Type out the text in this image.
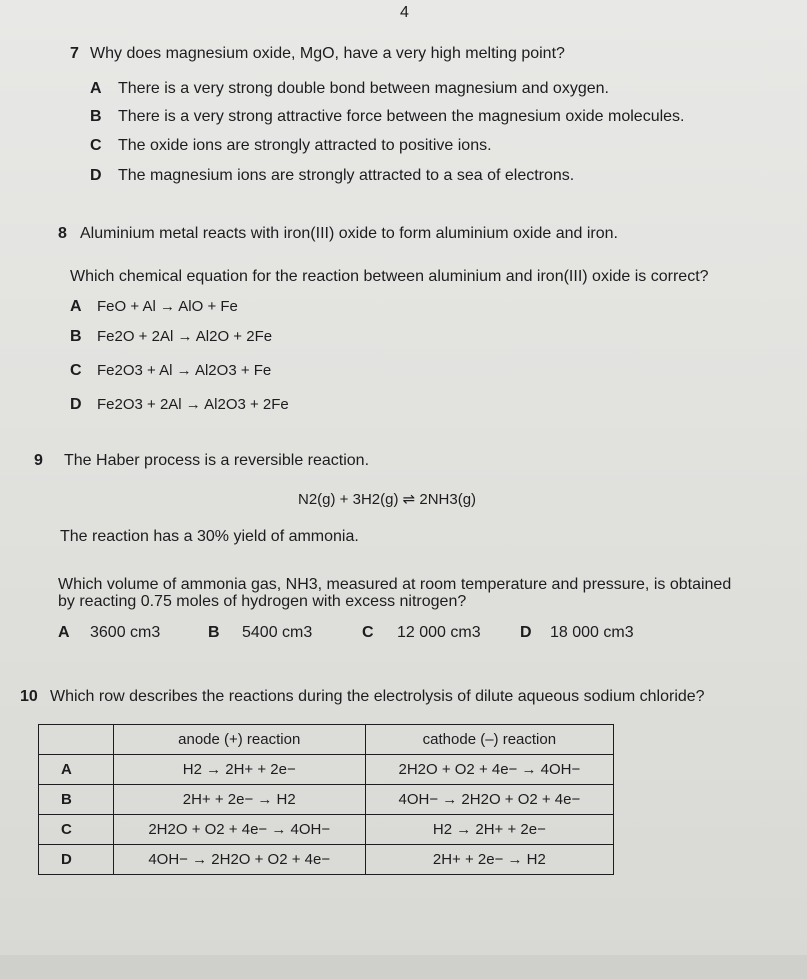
4
7 Why does magnesium oxide, MgO, have a very high melting point?
A There is a very strong double bond between magnesium and oxygen.
B There is a very strong attractive force between the magnesium oxide molecules.
C The oxide ions are strongly attracted to positive ions.
D The magnesium ions are strongly attracted to a sea of electrons.
8 Aluminium metal reacts with iron(III) oxide to form aluminium oxide and iron.
Which chemical equation for the reaction between aluminium and iron(III) oxide is correct?
A FeO + Al → AlO + Fe
B Fe2O + 2Al → Al2O + 2Fe
C Fe2O3 + Al → Al2O3 + Fe
D Fe2O3 + 2Al → Al2O3 + 2Fe
9 The Haber process is a reversible reaction.
N2(g) + 3H2(g) ⇌ 2NH3(g)
The reaction has a 30% yield of ammonia.
Which volume of ammonia gas, NH3, measured at room temperature and pressure, is obtained
by reacting 0.75 moles of hydrogen with excess nitrogen?
A 3600 cm3	B 5400 cm3	C 12 000 cm3 D 18 000 cm3
10 Which row describes the reactions during the electrolysis of dilute aqueous sodium chloride?
	anode (+) reaction	cathode (–) reaction
A	H2 → 2H+ + 2e−	2H2O + O2 + 4e− → 4OH−
B	2H+ + 2e− → H2	4OH− → 2H2O + O2 + 4e−
C	2H2O + O2 + 4e− → 4OH−	H2 → 2H+ + 2e−
D	4OH− → 2H2O + O2 + 4e−	2H+ + 2e− → H2
